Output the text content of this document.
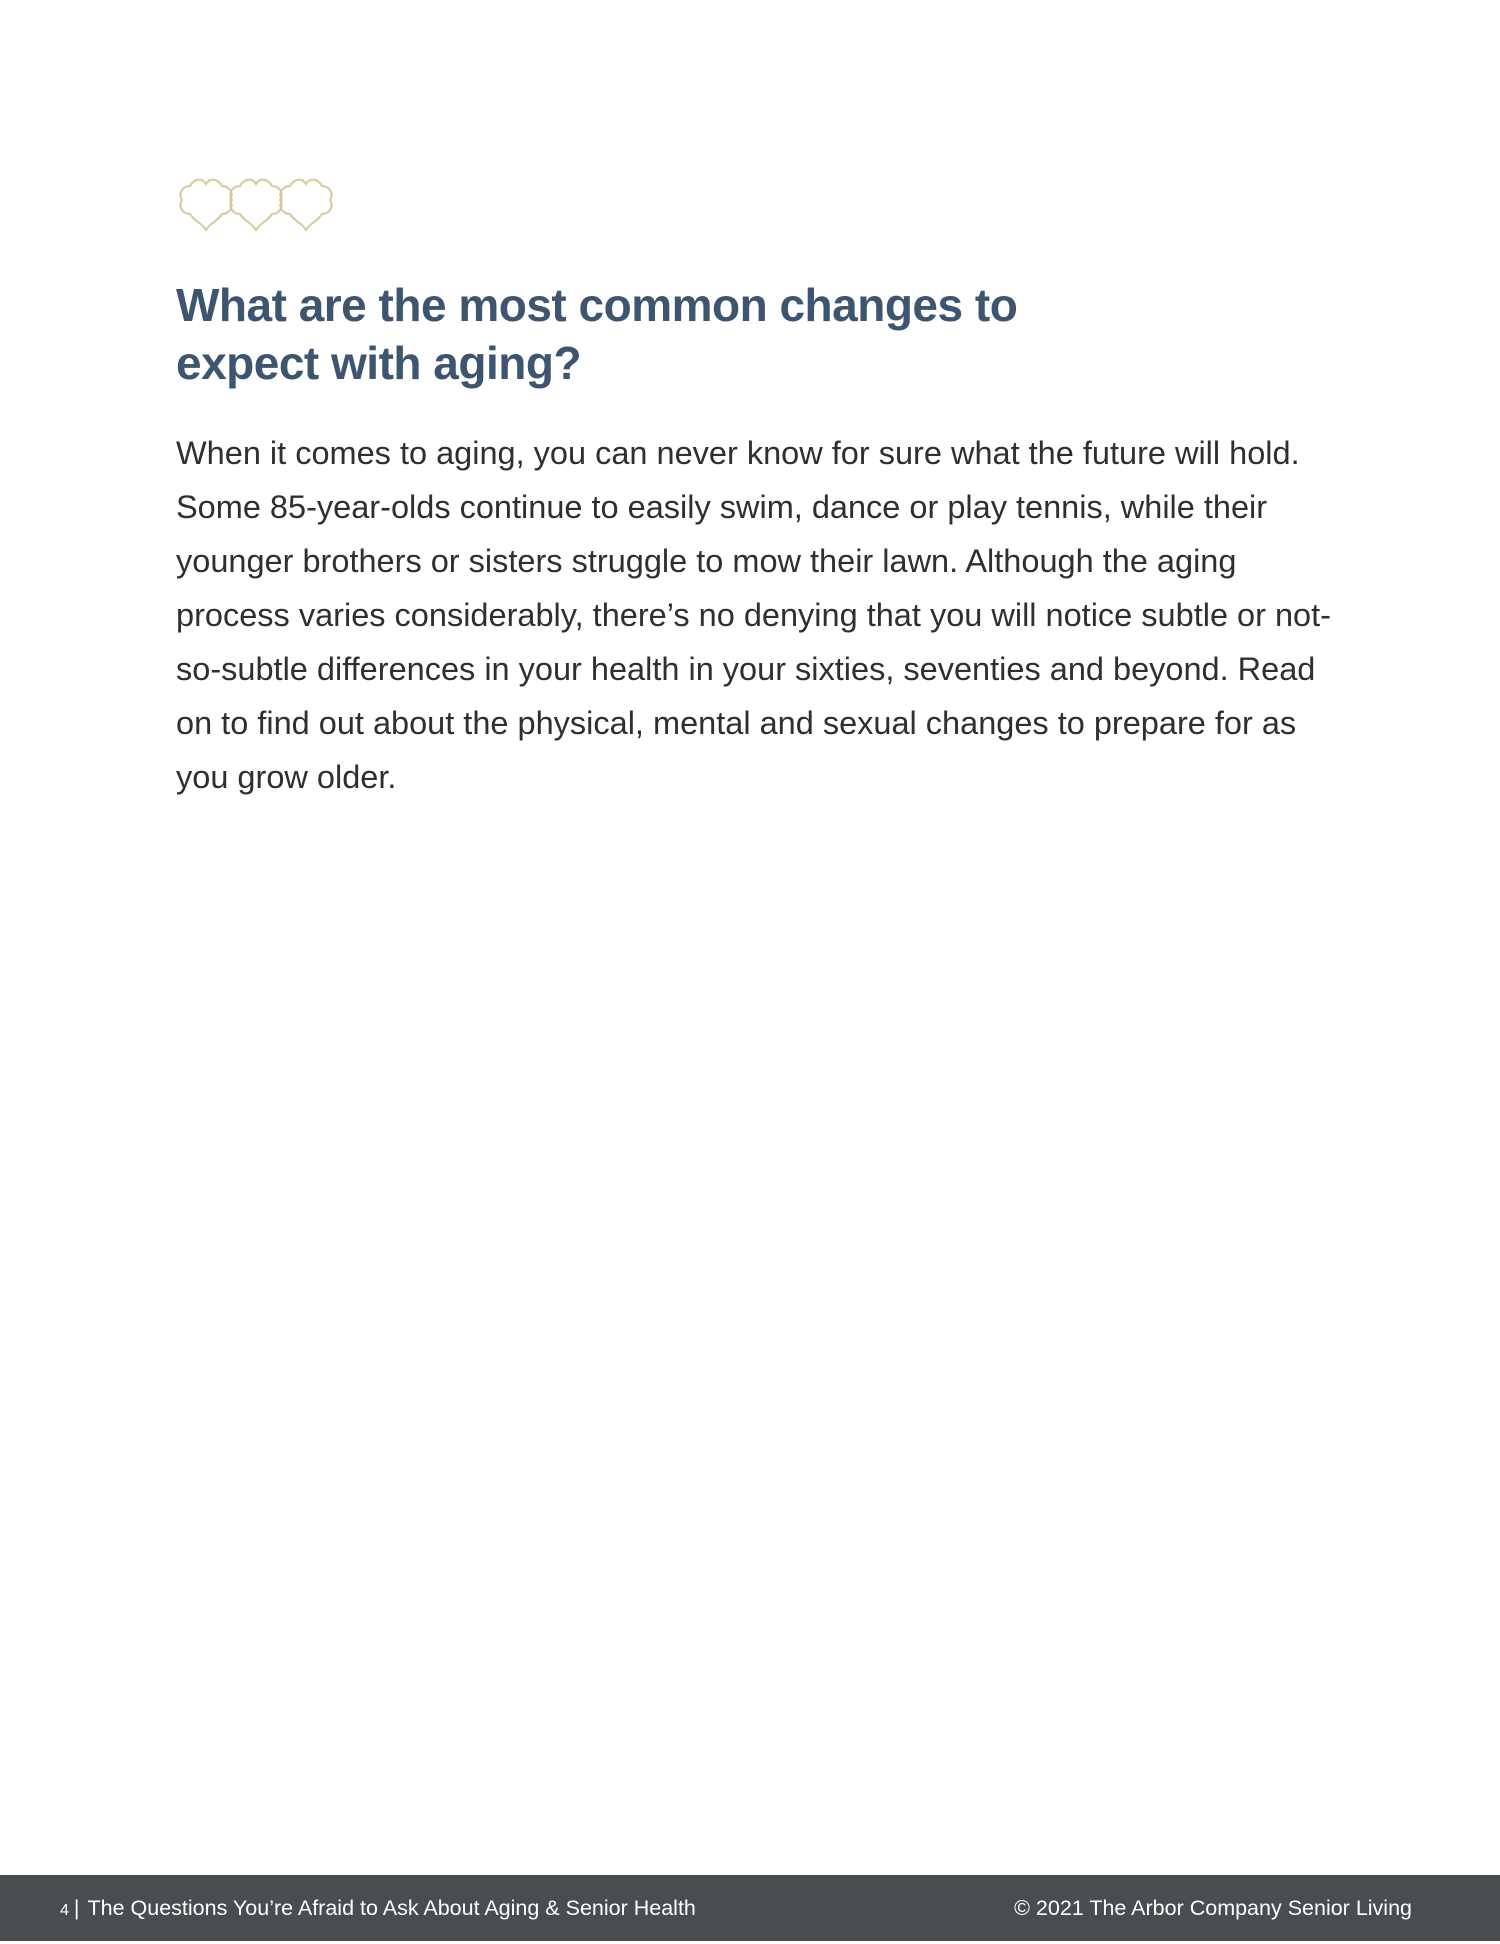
What are the most common changes to
expect with aging?

When it comes to aging, you can never know for sure what the future will hold. Some 85-year-olds continue to easily swim, dance or play tennis, while their younger brothers or sisters struggle to mow their lawn. Although the aging process varies considerably, there’s no denying that you will notice subtle or not-so-subtle differences in your health in your sixties, seventies and beyond. Read on to find out about the physical, mental and sexual changes to prepare for as you grow older.

4 | The Questions You’re Afraid to Ask About Aging & Senior Health	© 2021 The Arbor Company Senior Living
